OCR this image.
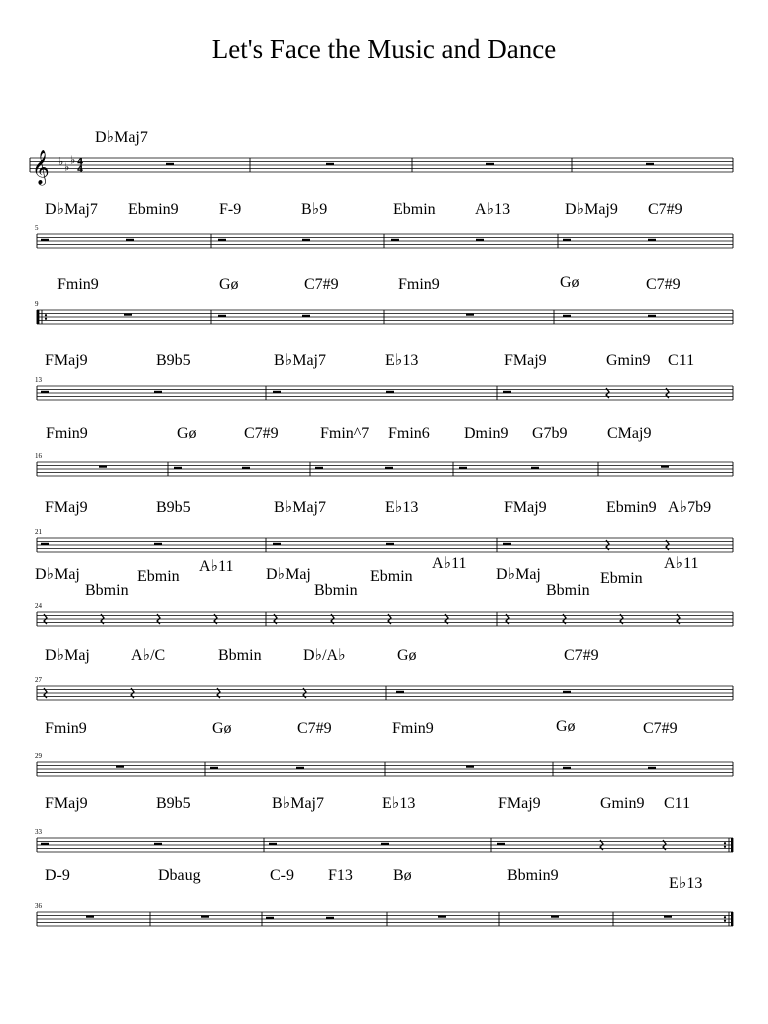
Let's Face the Music and Dance
𝄞 ♭ ♭
♭ 4
4
D♭Maj7
5
D♭Maj7 Ebmin9	F-9	B♭9	Ebmin A♭13	D♭Maj9 C7#9
9
Fmin9	Gø	C7#9	Fmin9	Gø	C7#9
13
FMaj9	B9b5	B♭Maj7	E♭13	FMaj9	Gmin9 C11
16
Fmin9	Gø	C7#9	Fmin^7 Fmin6 Dmin9 G7b9 CMaj9
21
FMaj9	B9b5	B♭Maj7	E♭13	FMaj9	Ebmin9 A♭7b9
24
D♭Maj
Bbmin
Ebmin
A♭11 D♭Maj
Bbmin
Ebmin
A♭11
D♭Maj
Bbmin
Ebmin
A♭11
27
D♭Maj	A♭/C	Bbmin	D♭/A♭	Gø	C7#9
29
Fmin9	Gø	C7#9	Fmin9	Gø	C7#9
33
FMaj9	B9b5	B♭Maj7	E♭13	FMaj9	Gmin9 C11
36
D-9	Dbaug	C-9 F13	Bø	Bbmin9	E♭13
